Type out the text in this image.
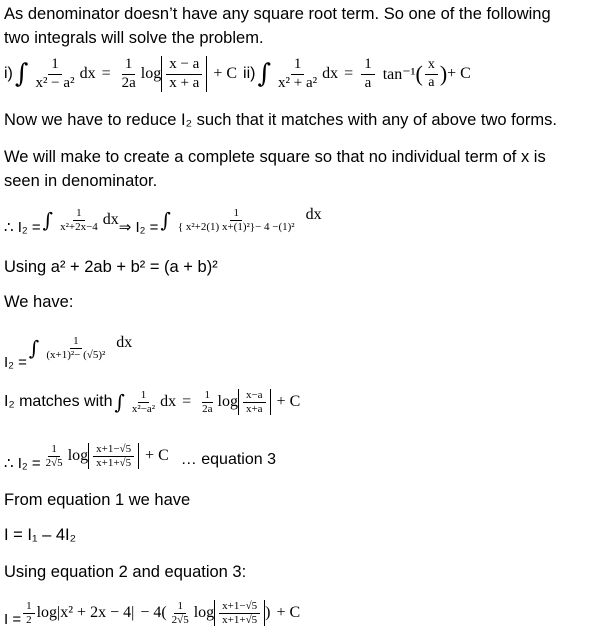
As denominator doesn’t have any square root term. So one of the following
two integrals will solve the problem.
i) ∫ $\frac{1}{\text{x² − a²}}$ dx = $\frac{1}{2a}$ $\log \frac{x - a}{x + a} + C$ ii) ∫ $\frac{1}{\text{x² + a²}}$ dx = $\frac{1}{a} \tan^{-1}$ ( $\frac{x}{a}$ ) + C
Now we have to reduce I₂ such that it matches with any of above two forms.
We will make to create a complete square so that no individual term of x is
seen in denominator.
∴ I₂ = ∫ $\frac{1}{\text{x²+2x−4}}$ dx ⇒ I₂ = ∫ $\frac{1}{\text{\{ x²+2(1) x+(1)²\}− 4 −(1)²}}$ dx
Using a² + 2ab + b² = (a + b)²
We have:
I₂ =
∫ $\frac{1}{\text{(x+1)²− (√5)²}}$ dx
I₂ matches with ∫ $\frac{1}{\text{x²−a²}}$ dx = $\frac{1}{2a}$ $\log \frac{x-a}{x+a} + C$
∴ $I_2 = \frac{1}{2√5}$ $\log \frac{x+1-√5}{x+1+√5} + C$ … equation 3
From equation 1 we have
I = I₁ – 4I₂
Using equation 2 and equation 3:
$I = \frac{1}{2} \log|x^2 + 2x - 4| - 4( \frac{1}{2√5}$ $\log \frac{x+1-√5}{x+1+√5}$ ) + C
